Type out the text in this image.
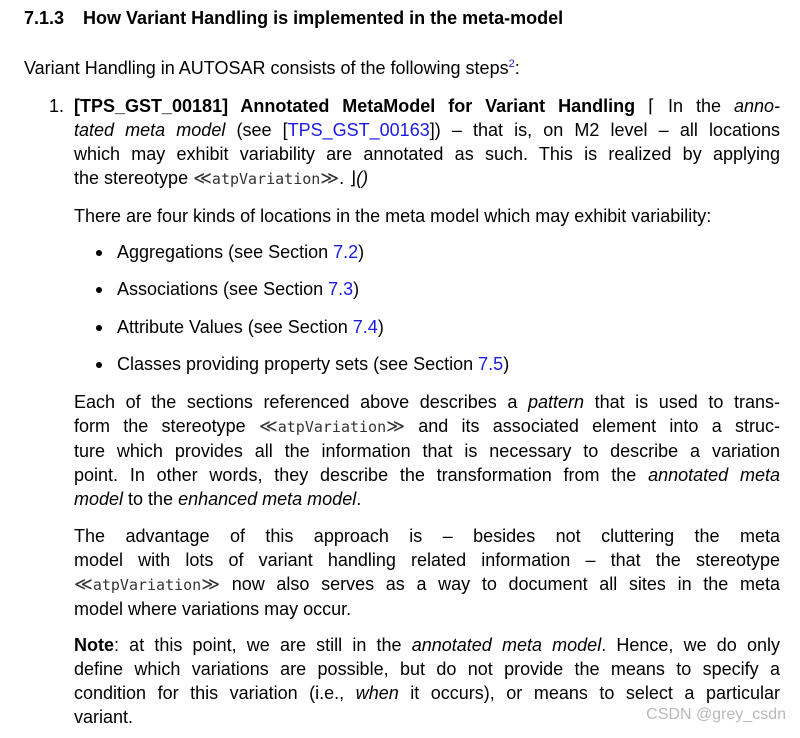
7.1.3 How Variant Handling is implemented in the meta-model
Variant Handling in AUTOSAR consists of the following steps$^2$:
1. [TPS_GST_00181] Annotated MetaModel for Variant Handling ⌈ In the anno-
tated meta model (see [TPS_GST_00163]) – that is, on M2 level – all locations
which may exhibit variability are annotated as such. This is realized by applying
the stereotype ≪atpVariation≫. ⌋()
There are four kinds of locations in the meta model which may exhibit variability:
Aggregations (see Section 7.2)
Associations (see Section 7.3)
Attribute Values (see Section 7.4)
Classes providing property sets (see Section 7.5)
Each of the sections referenced above describes a pattern that is used to trans-
form the stereotype ≪atpVariation≫ and its associated element into a struc-
ture which provides all the information that is necessary to describe a variation
point. In other words, they describe the transformation from the annotated meta
model to the enhanced meta model.
The advantage of this approach is – besides not cluttering the meta
model with lots of variant handling related information – that the stereotype
≪atpVariation≫ now also serves as a way to document all sites in the meta
model where variations may occur.
Note: at this point, we are still in the annotated meta model. Hence, we do only
define which variations are possible, but do not provide the means to specify a
condition for this variation (i.e., when it occurs), or means to select a particular
variant.	CSDN @grey_csdn
